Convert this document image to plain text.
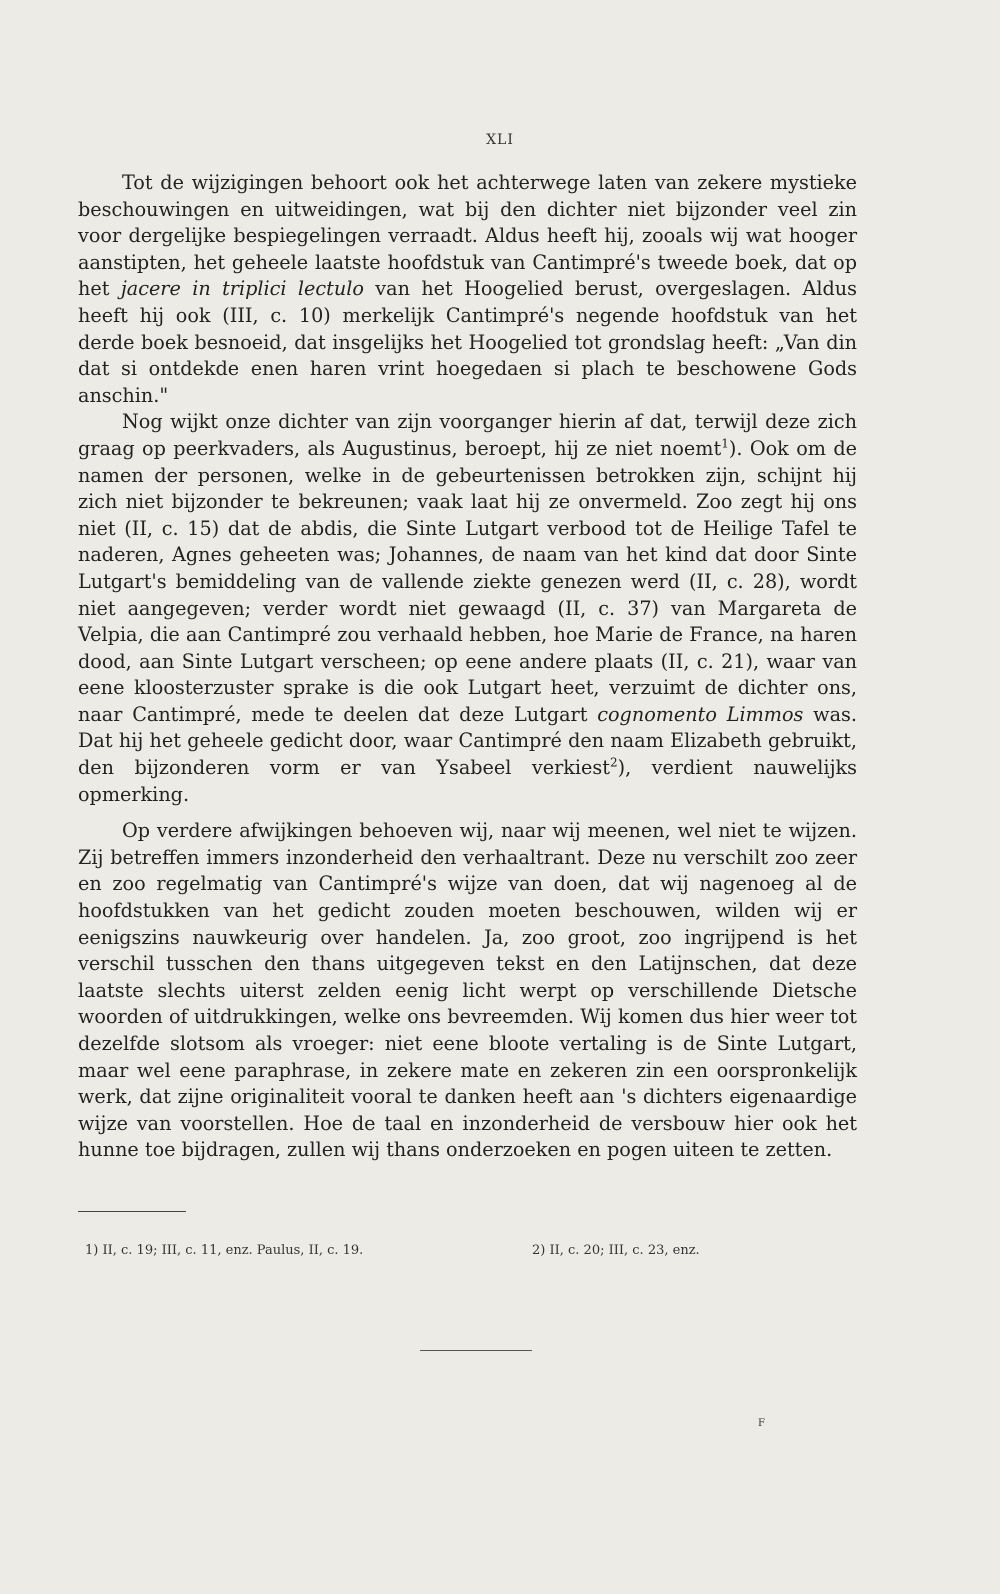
XLI

Tot de wijzigingen behoort ook het achterwege laten van zekere mystieke beschouwingen en uitweidingen, wat bij den dichter niet bijzonder veel zin voor dergelijke bespiegelingen verraadt. Aldus heeft hij, zooals wij wat hooger aanstipten, het geheele laatste hoofdstuk van Cantimpré's tweede boek, dat op het jacere in triplici lectulo van het Hoogelied berust, overgeslagen. Aldus heeft hij ook (III, c. 10) merkelijk Cantimpré's negende hoofdstuk van het derde boek besnoeid, dat insgelijks het Hoogelied tot grondslag heeft: „Van din dat si ontdekde enen haren vrint hoegedaen si plach te beschowene Gods anschin."

Nog wijkt onze dichter van zijn voorganger hierin af dat, terwijl deze zich graag op peerkvaders, als Augustinus, beroept, hij ze niet noemt$^1$). Ook om de namen der personen, welke in de gebeurtenissen betrokken zijn, schijnt hij zich niet bijzonder te bekreunen; vaak laat hij ze onvermeld. Zoo zegt hij ons niet (II, c. 15) dat de abdis, die Sinte Lutgart verbood tot de Heilige Tafel te naderen, Agnes geheeten was; Johannes, de naam van het kind dat door Sinte Lutgart's bemiddeling van de vallende ziekte genezen werd (II, c. 28), wordt niet aangegeven; verder wordt niet gewaagd (II, c. 37) van Margareta de Velpia, die aan Cantimpré zou verhaald hebben, hoe Marie de France, na haren dood, aan Sinte Lutgart verscheen; op eene andere plaats (II, c. 21), waar van eene kloosterzuster sprake is die ook Lutgart heet, verzuimt de dichter ons, naar Cantimpré, mede te deelen dat deze Lutgart cognomento Limmos was. Dat hij het geheele gedicht door, waar Cantimpré den naam Elizabeth gebruikt, den bijzonderen vorm er van Ysabeel verkiest$^2$), verdient nauwelijks opmerking.

Op verdere afwijkingen behoeven wij, naar wij meenen, wel niet te wijzen. Zij betreffen immers inzonderheid den verhaaltrant. Deze nu verschilt zoo zeer en zoo regelmatig van Cantimpré's wijze van doen, dat wij nagenoeg al de hoofdstukken van het gedicht zouden moeten beschouwen, wilden wij er eenigszins nauwkeurig over handelen. Ja, zoo groot, zoo ingrijpend is het verschil tusschen den thans uitgegeven tekst en den Latijnschen, dat deze laatste slechts uiterst zelden eenig licht werpt op verschillende Dietsche woorden of uitdrukkingen, welke ons bevreemden. Wij komen dus hier weer tot dezelfde slotsom als vroeger: niet eene bloote vertaling is de Sinte Lutgart, maar wel eene paraphrase, in zekere mate en zekeren zin een oorspronkelijk werk, dat zijne originaliteit vooral te danken heeft aan 's dichters eigenaardige wijze van voorstellen. Hoe de taal en inzonderheid de versbouw hier ook het hunne toe bijdragen, zullen wij thans onderzoeken en pogen uiteen te zetten.

1) II, c. 19; III, c. 11, enz. Paulus, II, c. 19.	2) II, c. 20; III, c. 23, enz.
F
